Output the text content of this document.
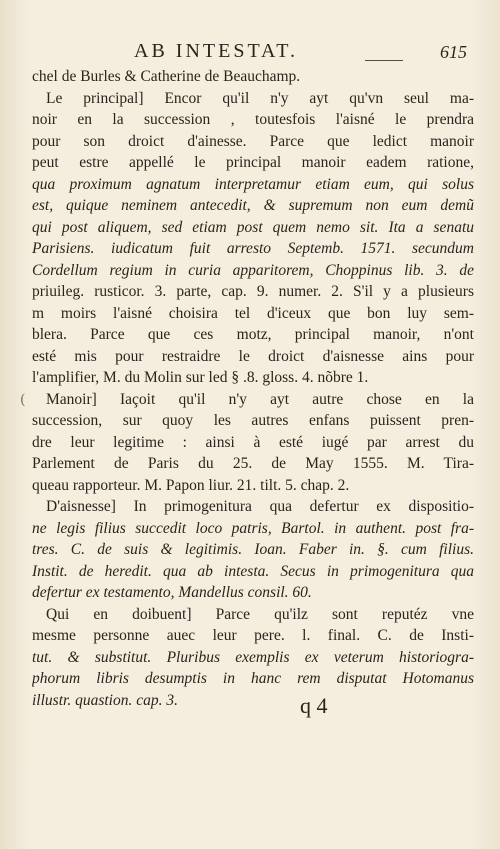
AB INTESTAT.	615
(
chel de Burles & Catherine de Beauchamp.
Le principal] Encor qu'il n'y ayt qu'vn seul ma-
noir en la succession , toutesfois l'aisné le prendra
pour son droict d'ainesse. Parce que ledict manoir
peut estre appellé le principal manoir eadem ratione,
qua proximum agnatum interpretamur etiam eum, qui solus
est, quique neminem antecedit, & supremum non eum demũ
qui post aliquem, sed etiam post quem nemo sit. Ita a senatu
Parisiens. iudicatum fuit arresto Septemb. 1571. secundum
Cordellum regium in curia apparitorem, Choppinus lib. 3. de
priuileg. rusticor. 3. parte, cap. 9. numer. 2. S'il y a plusieurs
m moirs l'aisné choisira tel d'iceux que bon luy sem-
blera. Parce que ces motz, principal manoir, n'ont
esté mis pour restraidre le droict d'aisnesse ains pour
l'amplifier, M. du Molin sur led § .8. gloss. 4. nõbre 1.
Manoir] Iaçoit qu'il n'y ayt autre chose en la
succession, sur quoy les autres enfans puissent pren-
dre leur legitime : ainsi à esté iugé par arrest du
Parlement de Paris du 25. de May 1555. M. Tira-
queau rapporteur. M. Papon liur. 21. tilt. 5. chap. 2.
D'aisnesse] In primogenitura qua defertur ex dispositio-
ne legis filius succedit loco patris, Bartol. in authent. post fra-
tres. C. de suis & legitimis. Ioan. Faber in. §. cum filius.
Instit. de heredit. qua ab intesta. Secus in primogenitura qua
defertur ex testamento, Mandellus consil. 60.
Qui en doibuent] Parce qu'ilz sont reputéz vne
mesme personne auec leur pere. l. final. C. de Insti-
tut. & substitut. Pluribus exemplis ex veterum historiogra-
phorum libris desumptis in hanc rem disputat Hotomanus
illustr. quastion. cap. 3.	q 4
